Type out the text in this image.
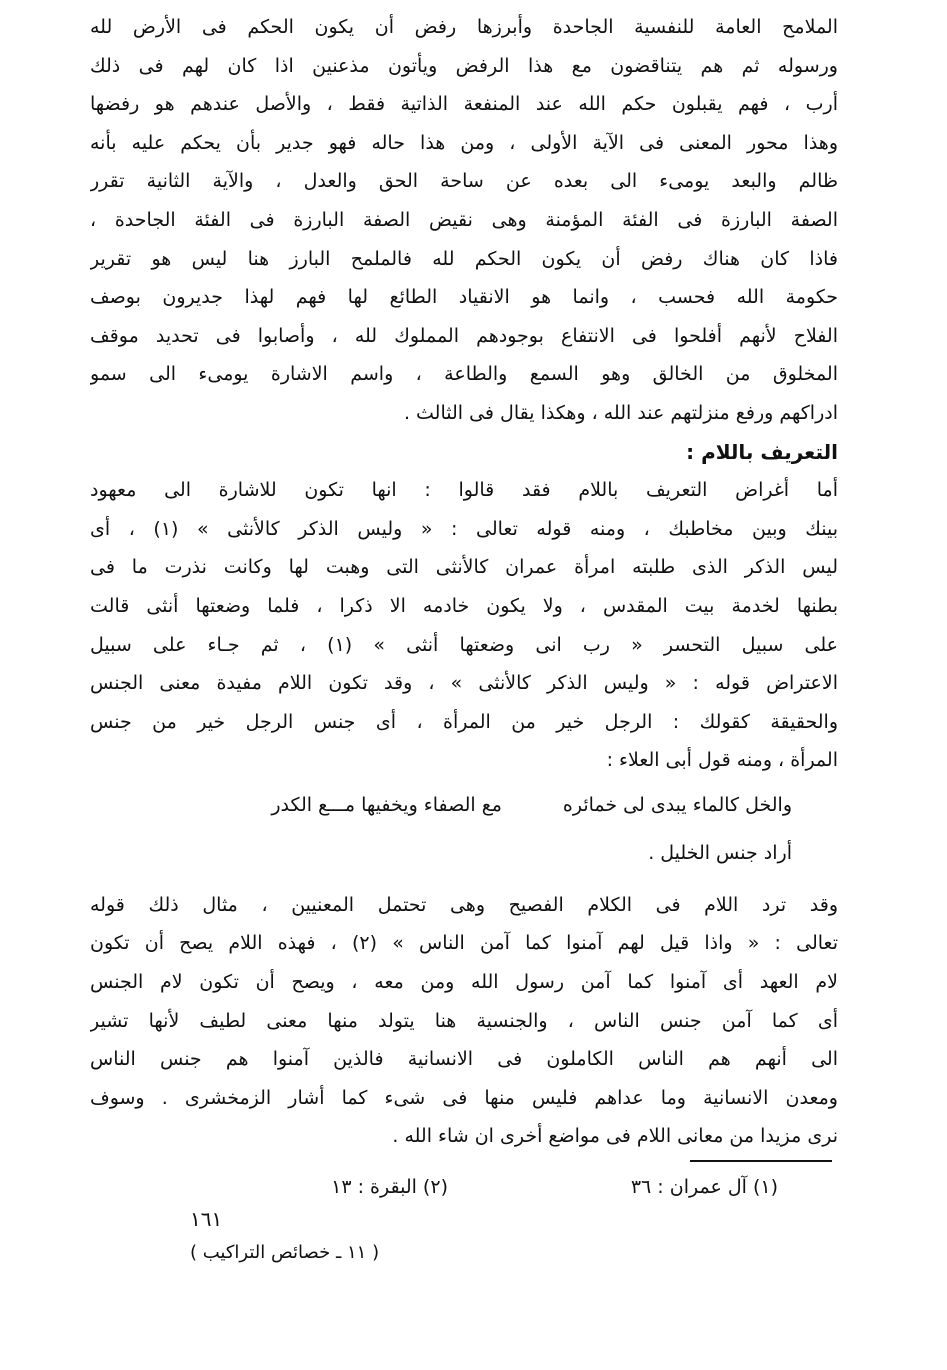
الملامح العامة للنفسية الجاحدة وأبرزها رفض أن يكون الحكم فى الأرض لله
ورسوله ثم هم يتناقضون مع هذا الرفض ويأتون مذعنين اذا كان لهم فى ذلك
أرب ، فهم يقبلون حكم الله عند المنفعة الذاتية فقط ، والأصل عندهم هو رفضها
وهذا محور المعنى فى الآية الأولى ، ومن هذا حاله فهو جدير بأن يحكم عليه بأنه
ظالم والبعد يومىء الى بعده عن ساحة الحق والعدل ، والآية الثانية تقرر
الصفة البارزة فى الفئة المؤمنة وهى نقيض الصفة البارزة فى الفئة الجاحدة ،
فاذا كان هناك رفض أن يكون الحكم لله فالملمح البارز هنا ليس هو تقرير
حكومة الله فحسب ، وانما هو الانقياد الطائع لها فهم لهذا جديرون بوصف
الفلاح لأنهم أفلحوا فى الانتفاع بوجودهم المملوك لله ، وأصابوا فى تحديد موقف
المخلوق من الخالق وهو السمع والطاعة ، واسم الاشارة يومىء الى سمو
ادراكهم ورفع منزلتهم عند الله ، وهكذا يقال فى الثالث .
التعريف باللام :
أما أغراض التعريف باللام فقد قالوا : انها تكون للاشارة الى معهود
بينك وبين مخاطبك ، ومنه قوله تعالى : « وليس الذكر كالأنثى » (١) ، أى
ليس الذكر الذى طلبته امرأة عمران كالأنثى التى وهبت لها وكانت نذرت ما فى
بطنها لخدمة بيت المقدس ، ولا يكون خادمه الا ذكرا ، فلما وضعتها أنثى قالت
على سبيل التحسر « رب انى وضعتها أنثى » (١) ، ثم جـاء على سبيل
الاعتراض قوله : « وليس الذكر كالأنثى » ، وقد تكون اللام مفيدة معنى الجنس
والحقيقة كقولك : الرجل خير من المرأة ، أى جنس الرجل خير من جنس
المرأة ، ومنه قول أبى العلاء :
والخل كالماء يبدى لى خمائره
مع الصفاء ويخفيها مـــع الكدر
أراد جنس الخليل .
وقد ترد اللام فى الكلام الفصيح وهى تحتمل المعنيين ، مثال ذلك قوله
تعالى : « واذا قيل لهم آمنوا كما آمن الناس » (٢) ، فهذه اللام يصح أن تكون
لام العهد أى آمنوا كما آمن رسول الله ومن معه ، ويصح أن تكون لام الجنس
أى كما آمن جنس الناس ، والجنسية هنا يتولد منها معنى لطيف لأنها تشير
الى أنهم هم الناس الكاملون فى الانسانية فالذين آمنوا هم جنس الناس
ومعدن الانسانية وما عداهم فليس منها فى شىء كما أشار الزمخشرى . وسوف
نرى مزيدا من معانى اللام فى مواضع أخرى ان شاء الله .
(١) آل عمران : ٣٦
(٢) البقرة : ١٣
١٦١
( ١١ ـ خصائص التراكيب )
